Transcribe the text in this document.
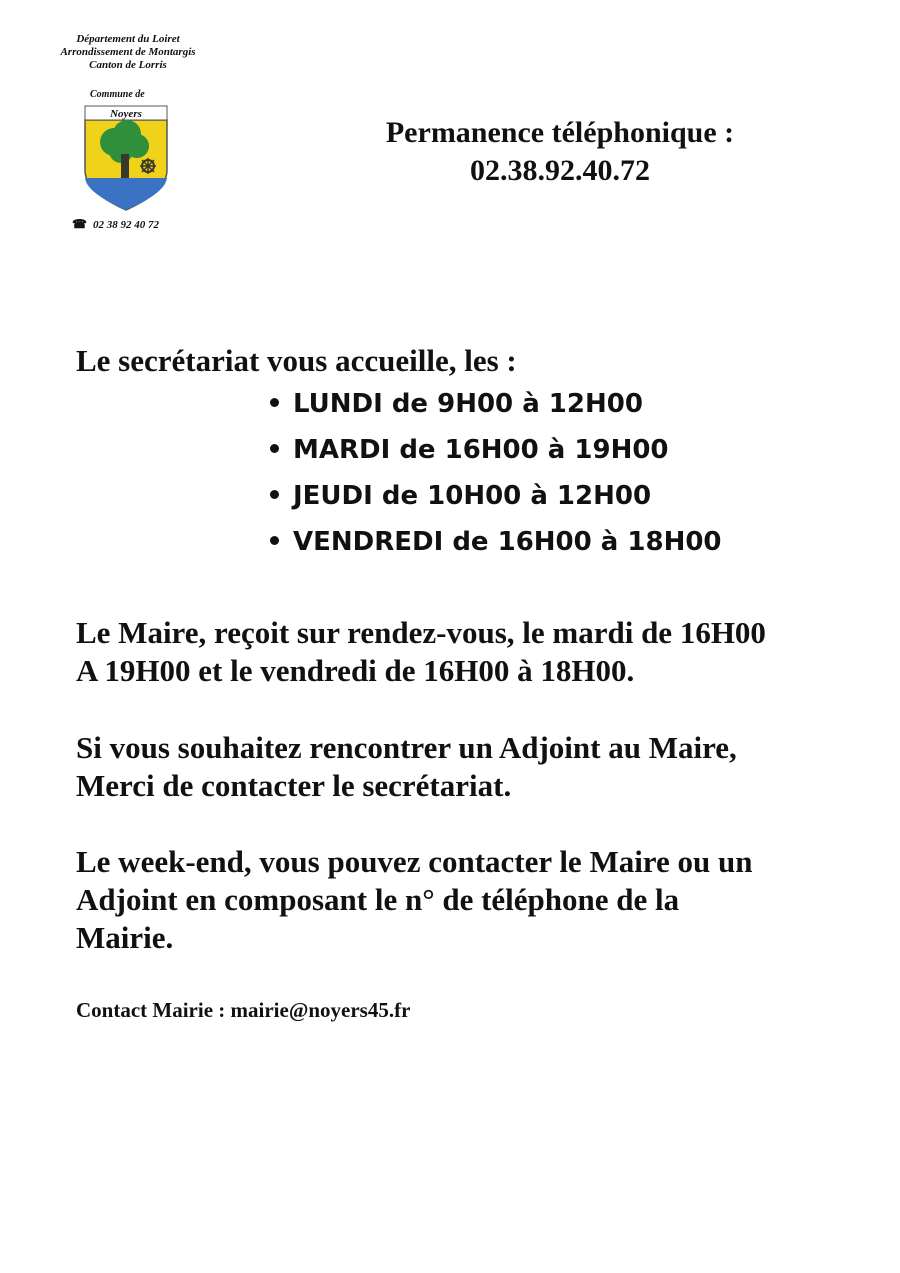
Département du Loiret
Arrondissement de Montargis
Canton de Lorris
Commune de
Noyers
☎ 02 38 92 40 72
Permanence téléphonique :
02.38.92.40.72

Le secrétariat vous accueille, les :

LUNDI de 9H00 à 12H00
MARDI de 16H00 à 19H00
JEUDI de 10H00 à 12H00
VENDREDI de 16H00 à 18H00
Le Maire, reçoit sur rendez-vous, le mardi de 16H00
A 19H00 et le vendredi de 16H00 à 18H00.
Si vous souhaitez rencontrer un Adjoint au Maire,
Merci de contacter le secrétariat.
Le week-end, vous pouvez contacter le Maire ou un
Adjoint en composant le n° de téléphone de la
Mairie.
Contact Mairie : mairie@noyers45.fr
